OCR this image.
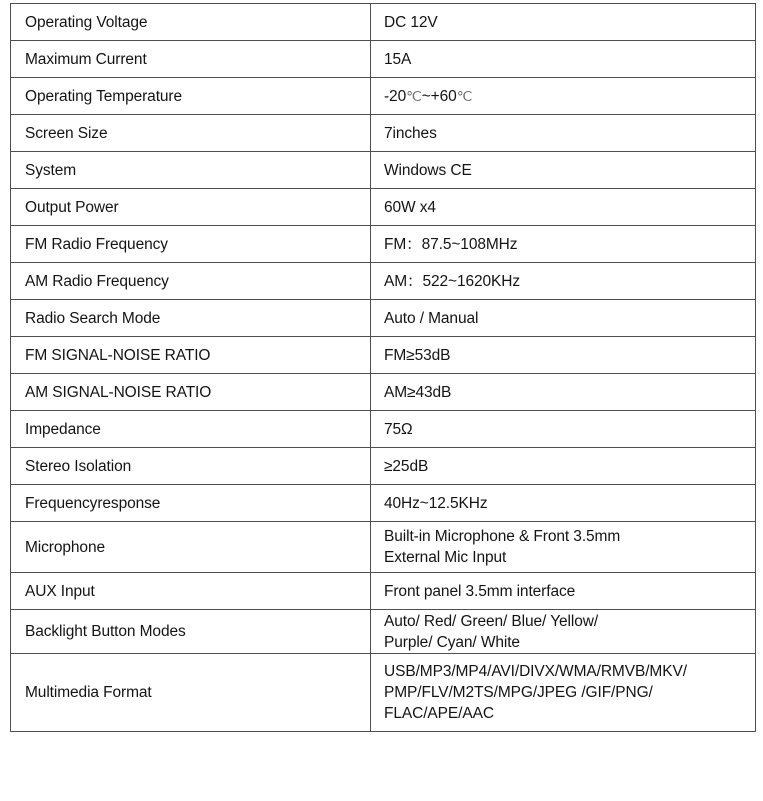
Operating Voltage	DC 12V

Maximum Current	15A

Operating Temperature	-20℃~+60℃

Screen Size	7inches

System	Windows CE

Output Power	60W x4

FM Radio Frequency	FM：87.5~108MHz

AM Radio Frequency	AM：522~1620KHz

Radio Search Mode	Auto / Manual

FM SIGNAL-NOISE RATIO	FM≥53dB

AM SIGNAL-NOISE RATIO	AM≥43dB

Impedance	75Ω

Stereo Isolation	≥25dB

Frequencyresponse	40Hz~12.5KHz

Microphone	Built-in Microphone & Front 3.5mm
External Mic Input

AUX Input	Front panel 3.5mm interface

Backlight Button Modes	Auto/ Red/ Green/ Blue/ Yellow/
Purple/ Cyan/ White

Multimedia Format	USB/MP3/MP4/AVI/DIVX/WMA/RMVB/MKV/
PMP/FLV/M2TS/MPG/JPEG /GIF/PNG/
FLAC/APE/AAC
